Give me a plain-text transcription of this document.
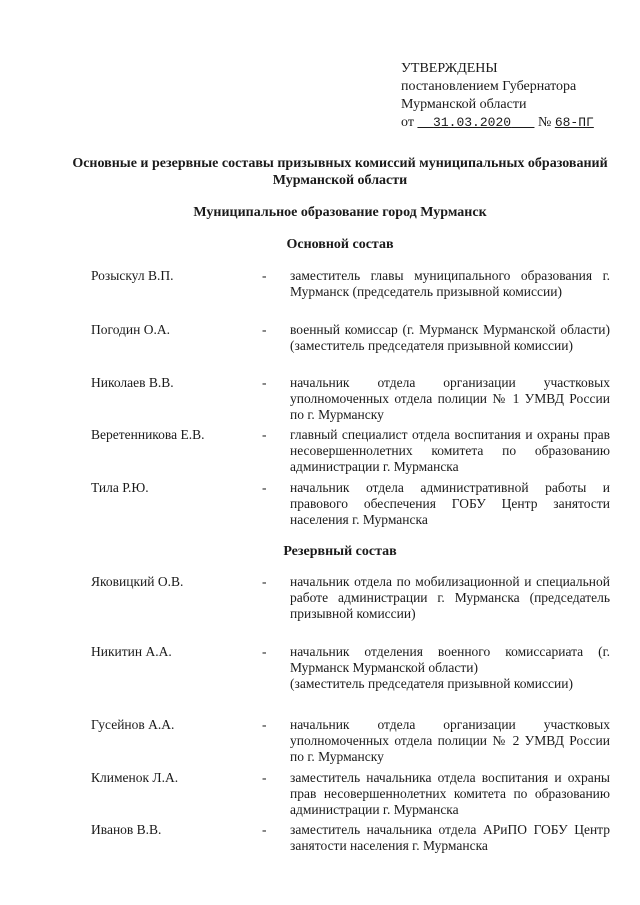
УТВЕРЖДЕНЫ
постановлением Губернатора
Мурманской области
от 31.03.2020 № 68-ПГ
Основные и резервные составы призывных комиссий муниципальных образований Мурманской области
Муниципальное образование город Мурманск
Основной состав
Розыскул В.П.	- заместитель главы муниципального образования г. Мурманск (председатель призывной комиссии)
Погодин О.А.	- военный комиссар (г. Мурманск Мурманской области) (заместитель председателя призывной комиссии)
Николаев В.В.	- начальник отдела организации участковых уполномоченных отдела полиции № 1 УМВД России по г. Мурманску
Веретенникова Е.В.	- главный специалист отдела воспитания и охраны прав несовершеннолетних комитета по образованию администрации г. Мурманска
Тила Р.Ю.	- начальник отдела административной работы и правового обеспечения ГОБУ Центр занятости населения г. Мурманска
Резервный состав
Яковицкий О.В.	- начальник отдела по мобилизационной и специальной работе администрации г. Мурманска (председатель призывной комиссии)
Никитин А.А.	- начальник отделения военного комиссариата (г. Мурманск Мурманской области)
(заместитель председателя призывной комиссии)
Гусейнов А.А.	- начальник отдела организации участковых уполномоченных отдела полиции № 2 УМВД России по г. Мурманску
Клименок Л.А.	- заместитель начальника отдела воспитания и охраны прав несовершеннолетних комитета по образованию администрации г. Мурманска
Иванов В.В.	- заместитель начальника отдела АРиПО ГОБУ Центр занятости населения г. Мурманска
